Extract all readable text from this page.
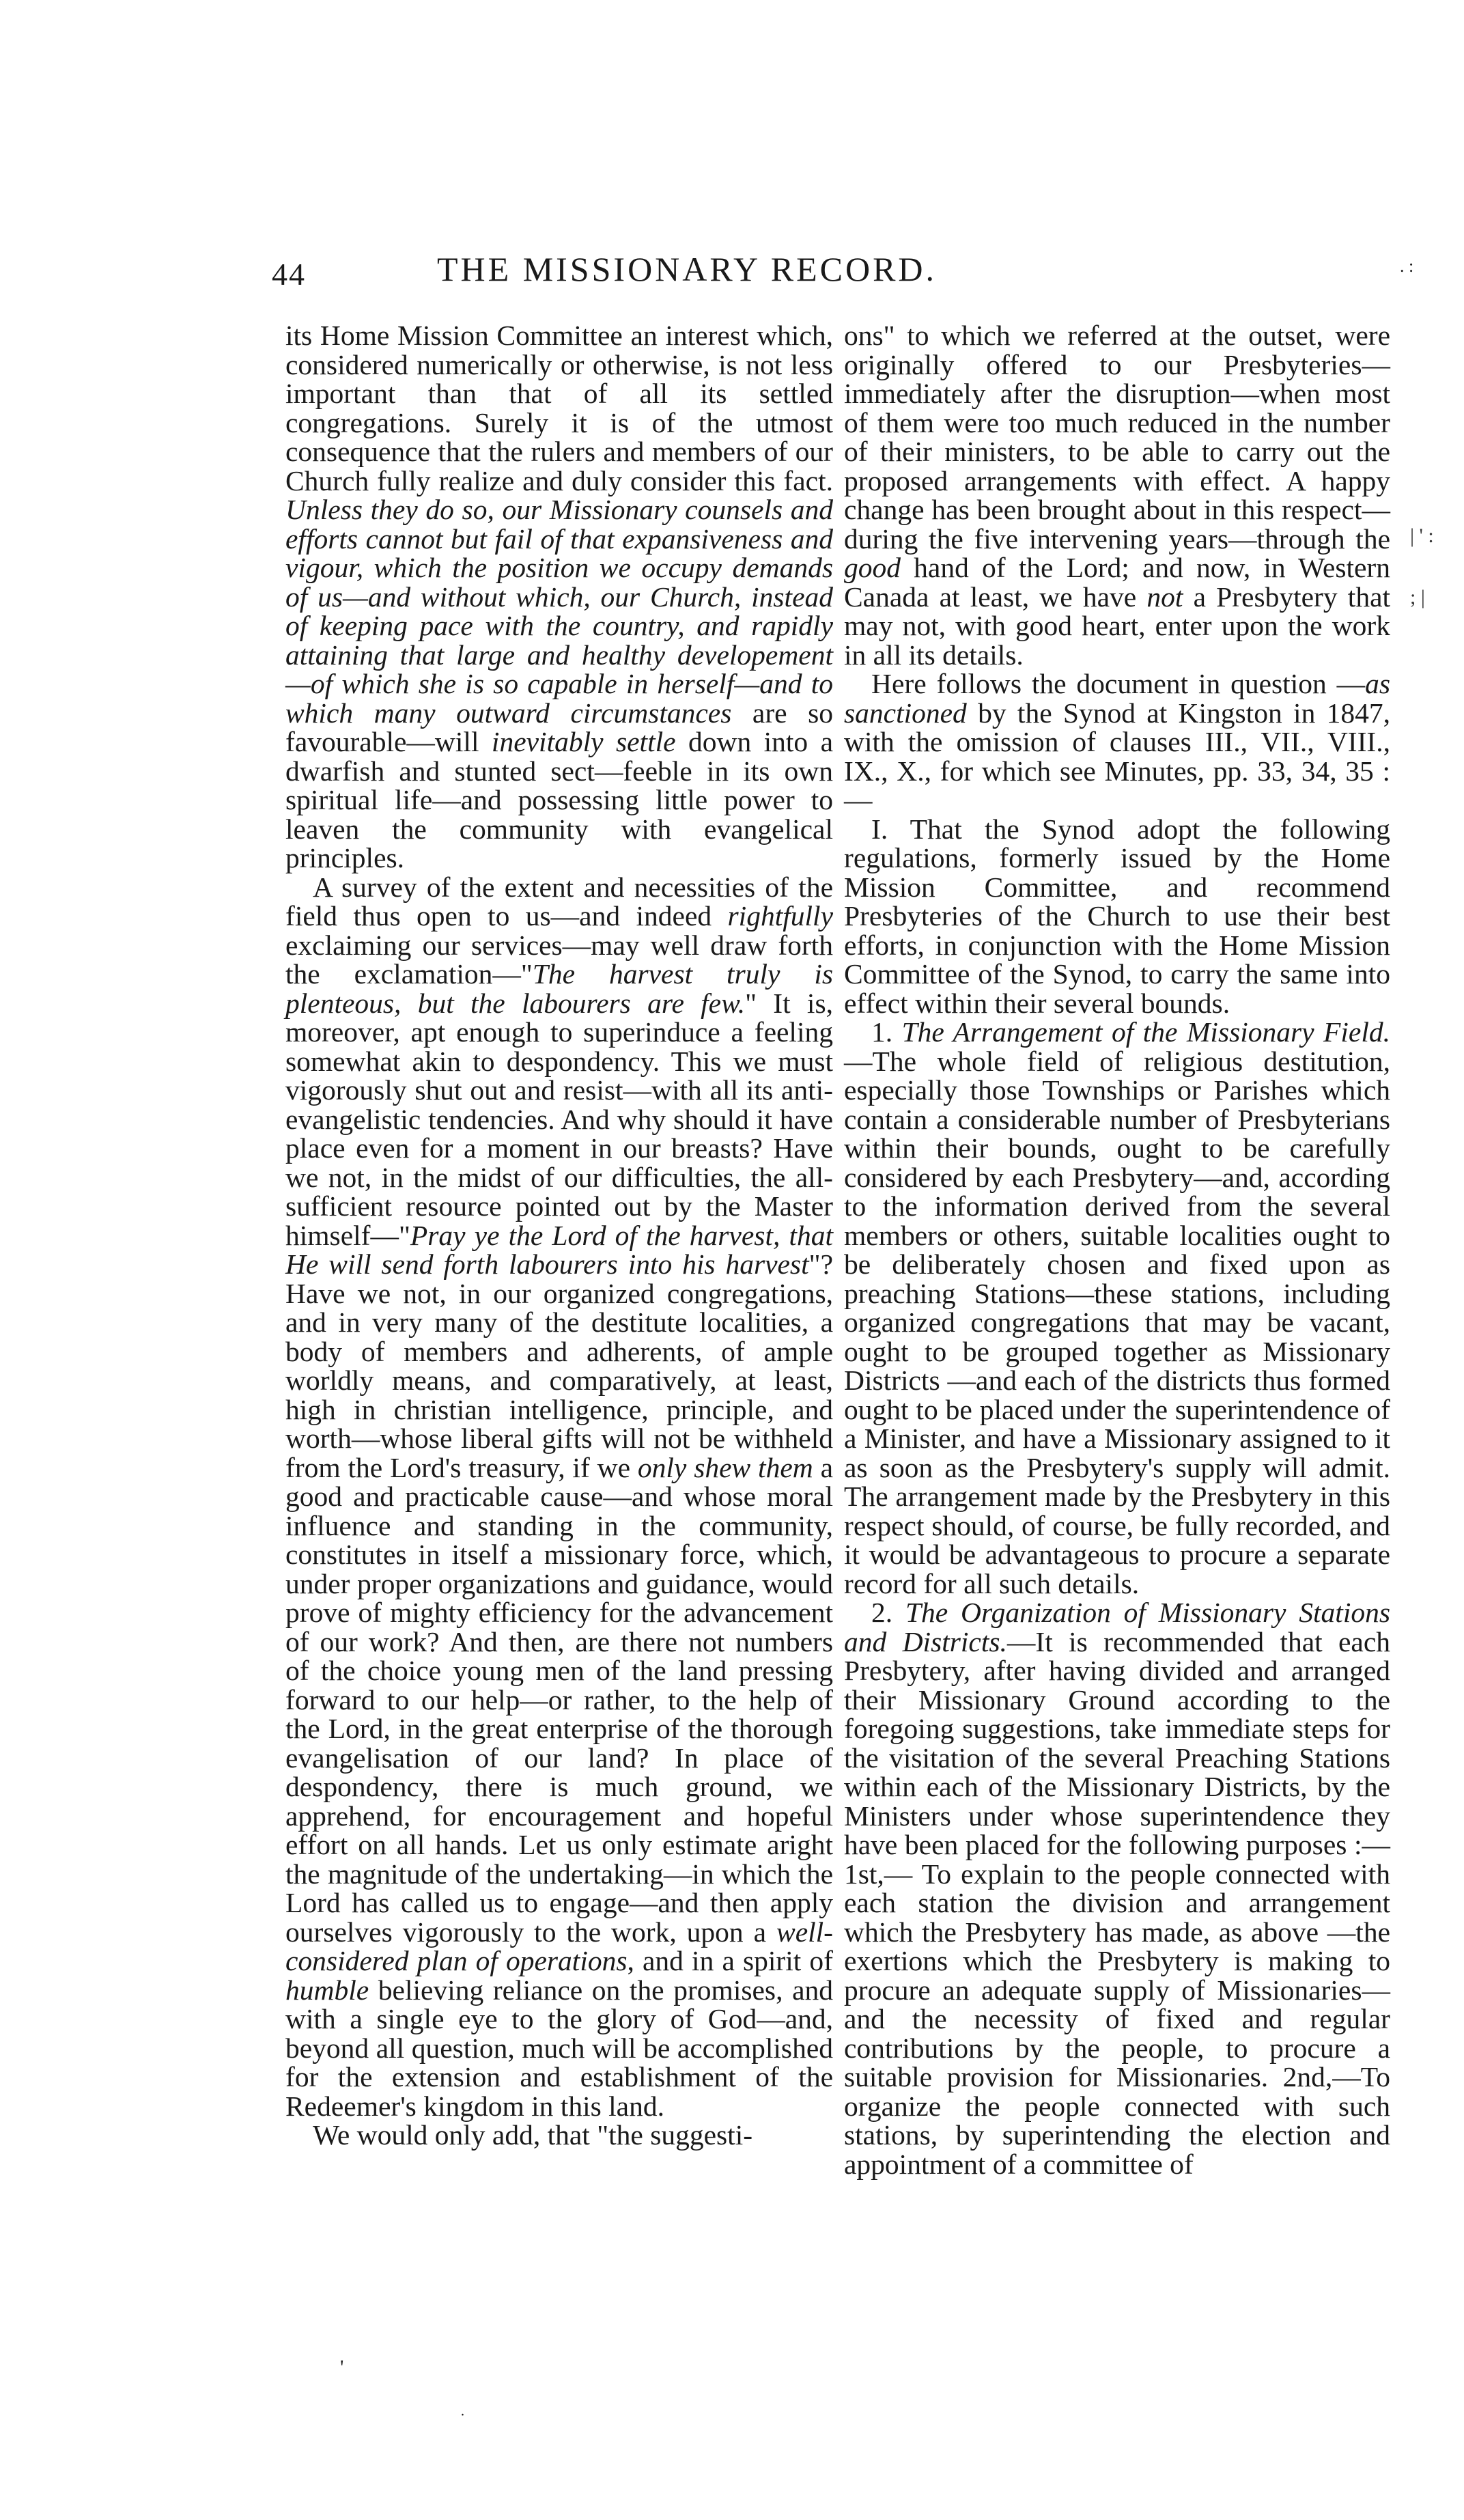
44	THE MISSIONARY RECORD.	. :

its Home Mission Committee an interest which, considered numerically or otherwise, is not less important than that of all its settled congregations. Surely it is of the utmost consequence that the rulers and members of our Church fully realize and duly consider this fact. Unless they do so, our Missionary counsels and efforts cannot but fail of that expansiveness and vigour, which the position we occupy demands of us—and without which, our Church, instead of keeping pace with the country, and rapidly attaining that large and healthy developement —of which she is so capable in herself—and to which many outward circumstances are so favourable—will inevitably settle down into a dwarfish and stunted sect—feeble in its own spiritual life—and possessing little power to leaven the community with evangelical principles.

A survey of the extent and necessities of the field thus open to us—and indeed rightfully exclaiming our services—may well draw forth the exclamation—"The harvest truly is plenteous, but the labourers are few." It is, moreover, apt enough to superinduce a feeling somewhat akin to despondency. This we must vigorously shut out and resist—with all its anti-evangelistic tendencies. And why should it have place even for a moment in our breasts? Have we not, in the midst of our difficulties, the all-sufficient resource pointed out by the Master himself—"Pray ye the Lord of the harvest, that He will send forth labourers into his harvest"? Have we not, in our organized congregations, and in very many of the destitute localities, a body of members and adherents, of ample worldly means, and comparatively, at least, high in christian intelligence, principle, and worth—whose liberal gifts will not be withheld from the Lord's treasury, if we only shew them a good and practicable cause—and whose moral influence and standing in the community, constitutes in itself a missionary force, which, under proper organizations and guidance, would prove of mighty efficiency for the advancement of our work? And then, are there not numbers of the choice young men of the land pressing forward to our help—or rather, to the help of the Lord, in the great enterprise of the thorough evangelisation of our land? In place of despondency, there is much ground, we apprehend, for encouragement and hopeful effort on all hands. Let us only estimate aright the magnitude of the undertaking—in which the Lord has called us to engage—and then apply ourselves vigorously to the work, upon a well-considered plan of operations, and in a spirit of humble believing reliance on the promises, and with a single eye to the glory of God—and, beyond all question, much will be accomplished for the extension and establishment of the Redeemer's kingdom in this land.

We would only add, that "the suggesti-

ons" to which we referred at the outset, were originally offered to our Presbyteries—immediately after the disruption—when most of them were too much reduced in the number of their ministers, to be able to carry out the proposed arrangements with effect. A happy change has been brought about in this respect—during the five intervening years—through the good hand of the Lord; and now, in Western Canada at least, we have not a Presbytery that may not, with good heart, enter upon the work in all its details.

Here follows the document in question —as sanctioned by the Synod at Kingston in 1847, with the omission of clauses III., VII., VIII., IX., X., for which see Minutes, pp. 33, 34, 35 :—

I. That the Synod adopt the following regulations, formerly issued by the Home Mission Committee, and recommend Presbyteries of the Church to use their best efforts, in conjunction with the Home Mission Committee of the Synod, to carry the same into effect within their several bounds.

1. The Arrangement of the Missionary Field.—The whole field of religious destitution, especially those Townships or Parishes which contain a considerable number of Presbyterians within their bounds, ought to be carefully considered by each Presbytery—and, according to the information derived from the several members or others, suitable localities ought to be deliberately chosen and fixed upon as preaching Stations—these stations, including organized congregations that may be vacant, ought to be grouped together as Missionary Districts —and each of the districts thus formed ought to be placed under the superintendence of a Minister, and have a Missionary assigned to it as soon as the Presbytery's supply will admit. The arrangement made by the Presbytery in this respect should, of course, be fully recorded, and it would be advantageous to procure a separate record for all such details.

2. The Organization of Missionary Stations and Districts.—It is recommended that each Presbytery, after having divided and arranged their Missionary Ground according to the foregoing suggestions, take immediate steps for the visitation of the several Preaching Stations within each of the Missionary Districts, by the Ministers under whose superintendence they have been placed for the following purposes :—1st,— To explain to the people connected with each station the division and arrangement which the Presbytery has made, as above —the exertions which the Presbytery is making to procure an adequate supply of Missionaries—and the necessity of fixed and regular contributions by the people, to procure a suitable provision for Missionaries. 2nd,—To organize the people connected with such stations, by superintending the election and appointment of a committee of

| ' : ; |
'
.
